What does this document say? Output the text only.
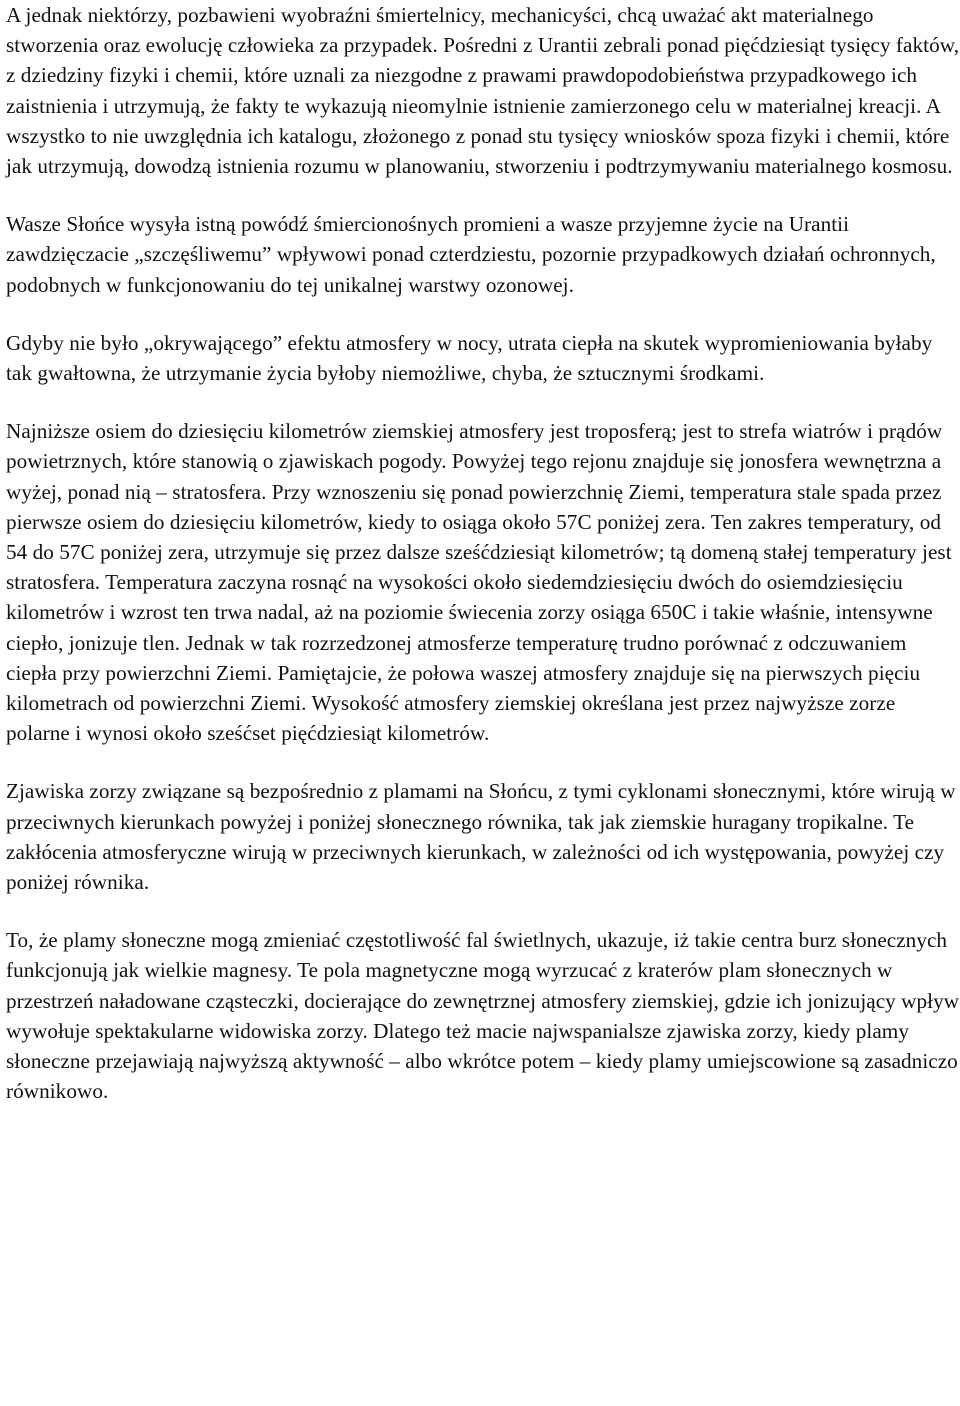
A jednak niektórzy, pozbawieni wyobraźni śmiertelnicy, mechanicyści, chcą uważać akt materialnego stworzenia oraz ewolucję człowieka za przypadek. Pośredni z Urantii zebrali ponad pięćdziesiąt tysięcy faktów, z dziedziny fizyki i chemii, które uznali za niezgodne z prawami prawdopodobieństwa przypadkowego ich zaistnienia i utrzymują, że fakty te wykazują nieomylnie istnienie zamierzonego celu w materialnej kreacji. A wszystko to nie uwzględnia ich katalogu, złożonego z ponad stu tysięcy wniosków spoza fizyki i chemii, które jak utrzymują, dowodzą istnienia rozumu w planowaniu, stworzeniu i podtrzymywaniu materialnego kosmosu.

Wasze Słońce wysyła istną powódź śmiercionośnych promieni a wasze przyjemne życie na Urantii zawdzięczacie „szczęśliwemu” wpływowi ponad czterdziestu, pozornie przypadkowych działań ochronnych, podobnych w funkcjonowaniu do tej unikalnej warstwy ozonowej.

Gdyby nie było „okrywającego” efektu atmosfery w nocy, utrata ciepła na skutek wypromieniowania byłaby tak gwałtowna, że utrzymanie życia byłoby niemożliwe, chyba, że sztucznymi środkami.

Najniższe osiem do dziesięciu kilometrów ziemskiej atmosfery jest troposferą; jest to strefa wiatrów i prądów powietrznych, które stanowią o zjawiskach pogody. Powyżej tego rejonu znajduje się jonosfera wewnętrzna a wyżej, ponad nią – stratosfera. Przy wznoszeniu się ponad powierzchnię Ziemi, temperatura stale spada przez pierwsze osiem do dziesięciu kilometrów, kiedy to osiąga około 57C poniżej zera. Ten zakres temperatury, od 54 do 57C poniżej zera, utrzymuje się przez dalsze sześćdziesiąt kilometrów; tą domeną stałej temperatury jest stratosfera. Temperatura zaczyna rosnąć na wysokości około siedemdziesięciu dwóch do osiemdziesięciu kilometrów i wzrost ten trwa nadal, aż na poziomie świecenia zorzy osiąga 650C i takie właśnie, intensywne ciepło, jonizuje tlen. Jednak w tak rozrzedzonej atmosferze temperaturę trudno porównać z odczuwaniem ciepła przy powierzchni Ziemi. Pamiętajcie, że połowa waszej atmosfery znajduje się na pierwszych pięciu kilometrach od powierzchni Ziemi. Wysokość atmosfery ziemskiej określana jest przez najwyższe zorze polarne i wynosi około sześćset pięćdziesiąt kilometrów.

Zjawiska zorzy związane są bezpośrednio z plamami na Słońcu, z tymi cyklonami słonecznymi, które wirują w przeciwnych kierunkach powyżej i poniżej słonecznego równika, tak jak ziemskie huragany tropikalne. Te zakłócenia atmosferyczne wirują w przeciwnych kierunkach, w zależności od ich występowania, powyżej czy poniżej równika.

To, że plamy słoneczne mogą zmieniać częstotliwość fal świetlnych, ukazuje, iż takie centra burz słonecznych funkcjonują jak wielkie magnesy. Te pola magnetyczne mogą wyrzucać z kraterów plam słonecznych w przestrzeń naładowane cząsteczki, docierające do zewnętrznej atmosfery ziemskiej, gdzie ich jonizujący wpływ wywołuje spektakularne widowiska zorzy. Dlatego też macie najwspanialsze zjawiska zorzy, kiedy plamy słoneczne przejawiają najwyższą aktywność – albo wkrótce potem – kiedy plamy umiejscowione są zasadniczo równikowo.
